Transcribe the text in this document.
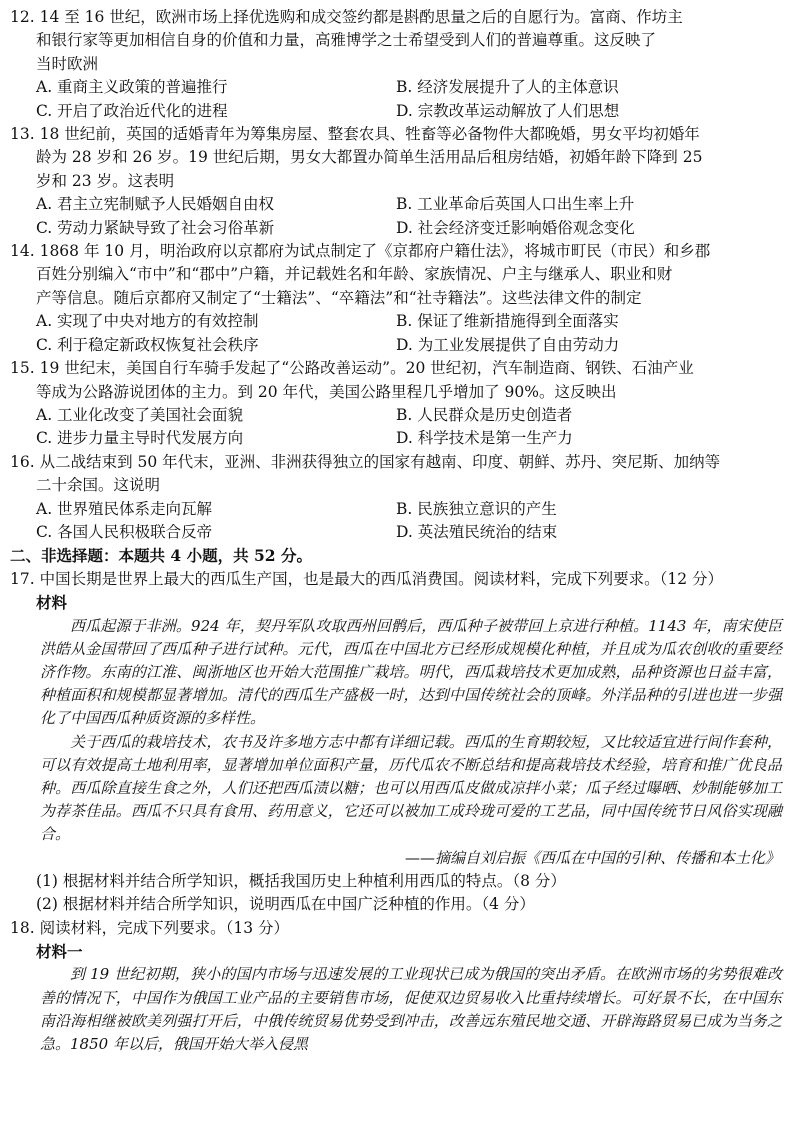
12. 14 至 16 世纪，欧洲市场上择优选购和成交签约都是斟酌思量之后的自愿行为。富商、作坊主
和银行家等更加相信自身的价值和力量，高雅博学之士希望受到人们的普遍尊重。这反映了
当时欧洲
A. 重商主义政策的普遍推行	B. 经济发展提升了人的主体意识
C. 开启了政治近代化的进程	D. 宗教改革运动解放了人们思想
13. 18 世纪前，英国的适婚青年为筹集房屋、整套农具、牲畜等必备物件大都晚婚，男女平均初婚年
龄为 28 岁和 26 岁。19 世纪后期，男女大都置办简单生活用品后租房结婚，初婚年龄下降到 25
岁和 23 岁。这表明
A. 君主立宪制赋予人民婚姻自由权	B. 工业革命后英国人口出生率上升
C. 劳动力紧缺导致了社会习俗革新	D. 社会经济变迁影响婚俗观念变化
14. 1868 年 10 月，明治政府以京都府为试点制定了《京都府户籍仕法》，将城市町民（市民）和乡郡
百姓分别编入“市中”和“郡中”户籍，并记载姓名和年龄、家族情况、户主与继承人、职业和财
产等信息。随后京都府又制定了“士籍法”、“卒籍法”和“社寺籍法”。这些法律文件的制定
A. 实现了中央对地方的有效控制	B. 保证了维新措施得到全面落实
C. 利于稳定新政权恢复社会秩序	D. 为工业发展提供了自由劳动力
15. 19 世纪末，美国自行车骑手发起了“公路改善运动”。20 世纪初，汽车制造商、钢铁、石油产业
等成为公路游说团体的主力。到 20 年代，美国公路里程几乎增加了 90%。这反映出
A. 工业化改变了美国社会面貌	B. 人民群众是历史创造者
C. 进步力量主导时代发展方向	D. 科学技术是第一生产力
16. 从二战结束到 50 年代末，亚洲、非洲获得独立的国家有越南、印度、朝鲜、苏丹、突尼斯、加纳等
二十余国。这说明
A. 世界殖民体系走向瓦解	B. 民族独立意识的产生
C. 各国人民积极联合反帝	D. 英法殖民统治的结束
二、非选择题：本题共 4 小题，共 52 分。
17. 中国长期是世界上最大的西瓜生产国，也是最大的西瓜消费国。阅读材料，完成下列要求。（12 分）
材料

西瓜起源于非洲。924 年，契丹军队攻取西州回鹘后，西瓜种子被带回上京进行种植。1143 年，南宋使臣洪皓从金国带回了西瓜种子进行试种。元代，西瓜在中国北方已经形成规模化种植，并且成为瓜农创收的重要经济作物。东南的江淮、闽浙地区也开始大范围推广栽培。明代，西瓜栽培技术更加成熟，品种资源也日益丰富，种植面积和规模都显著增加。清代的西瓜生产盛极一时，达到中国传统社会的顶峰。外洋品种的引进也进一步强化了中国西瓜种质资源的多样性。

关于西瓜的栽培技术，农书及许多地方志中都有详细记载。西瓜的生育期较短，又比较适宜进行间作套种，可以有效提高土地利用率，显著增加单位面积产量，历代瓜农不断总结和提高栽培技术经验，培育和推广优良品种。西瓜除直接生食之外，人们还把西瓜渍以糖；也可以用西瓜皮做成凉拌小菜；瓜子经过曝晒、炒制能够加工为荐茶佳品。西瓜不只具有食用、药用意义，它还可以被加工成玲珑可爱的工艺品，同中国传统节日风俗实现融合。

——摘编自刘启振《西瓜在中国的引种、传播和本土化》
(1) 根据材料并结合所学知识，概括我国历史上种植利用西瓜的特点。（8 分）
(2) 根据材料并结合所学知识，说明西瓜在中国广泛种植的作用。（4 分）
18. 阅读材料，完成下列要求。（13 分）
材料一

到 19 世纪初期，狭小的国内市场与迅速发展的工业现状已成为俄国的突出矛盾。在欧洲市场的劣势很难改善的情况下，中国作为俄国工业产品的主要销售市场，促使双边贸易收入比重持续增长。可好景不长，在中国东南沿海相继被欧美列强打开后，中俄传统贸易优势受到冲击，改善远东殖民地交通、开辟海路贸易已成为当务之急。1850 年以后，俄国开始大举入侵黑
